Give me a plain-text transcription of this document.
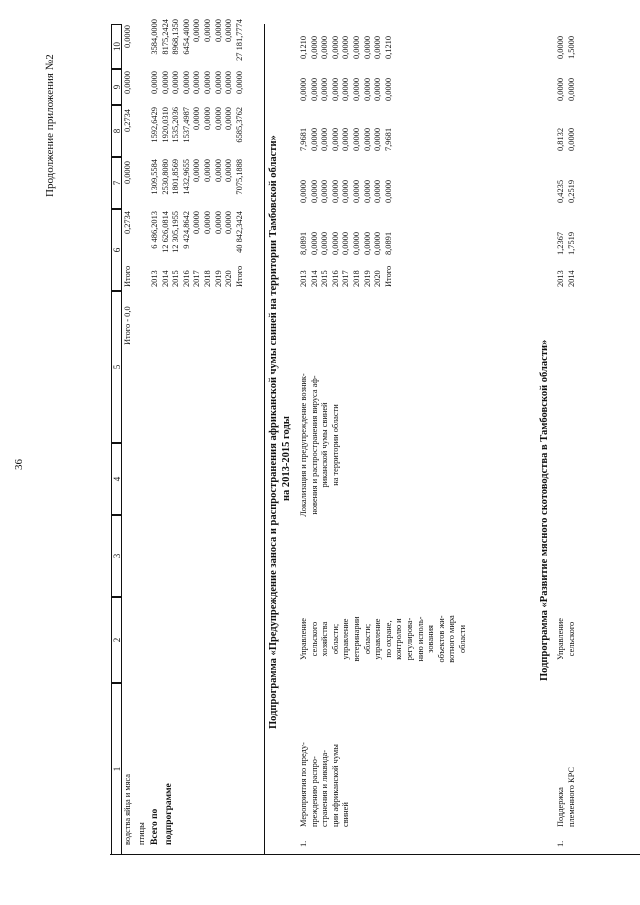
36
Продолжение приложения №2
1
2
3
4
5
6
7
8
9
10
водства яйца и мяса
Итого - 0,0
Итого
0,2734
0,0000
0,2734
0,0000
0,0000
птицы Всего по подпрограмме
2013 2014 2015 2016 2017 2018 2019 2020 Итого
6 486,2013 12 626,0814 12 305,1955 9 424,8642 0,0000 0,0000 0,0000 0,0000 40 842,3424
1309,5584 2530,8080 1801,8569 1432,9655 0,0000 0,0000 0,0000 0,0000 7075,1888
1592,6429 1920,0310 1535,2036 1537,4987 0,0000 0,0000 0,0000 0,0000 6585,3762
0,0000 0,0000 0,0000 0,0000 0,0000 0,0000 0,0000 0,0000 0,0000
3584,0000 8175,2424 8968,1350 6454,4000 0,0000 0,0000 0,0000 0,0000 27 181,7774
Подпрограмма «Предупреждение заноса и распространения африканской чумы свиней на территории Тамбовской области» на 2013-2015 годы
1.
Мероприятия по преду- преждению распро- странения и ликвида- ции африканской чумы свиней
Управление сельского хозяйства области; управление ветеринарии области; управление по охране, контролю и регулирова- нию исполь- зования объектов жи- вотного мира области
Локализация и предупреждение возник- новения и распространения вируса аф- риканской чумы свиней на территории области
2013 2014 2015 2016 2017 2018 2019 2020 Итого
8,0891 0,0000 0,0000 0,0000 0,0000 0,0000 0,0000 0,0000 8,0891
0,0000 0,0000 0,0000 0,0000 0,0000 0,0000 0,0000 0,0000 0,0000
7,9681 0,0000 0,0000 0,0000 0,0000 0,0000 0,0000 0,0000 7,9681
0,0000 0,0000 0,0000 0,0000 0,0000 0,0000 0,0000 0,0000 0,0000
0,1210 0,0000 0,0000 0,0000 0,0000 0,0000 0,0000 0,0000 0,1210
Подпрограмма «Развитие мясного скотоводства в Тамбовской области»
1.
Поддержка племенного КРС
Управление сельского
2013 2014
1,2367 1,7519
0,4235 0,2519
0,8132 0,0000
0,0000 0,0000
0,0000 1,5000
